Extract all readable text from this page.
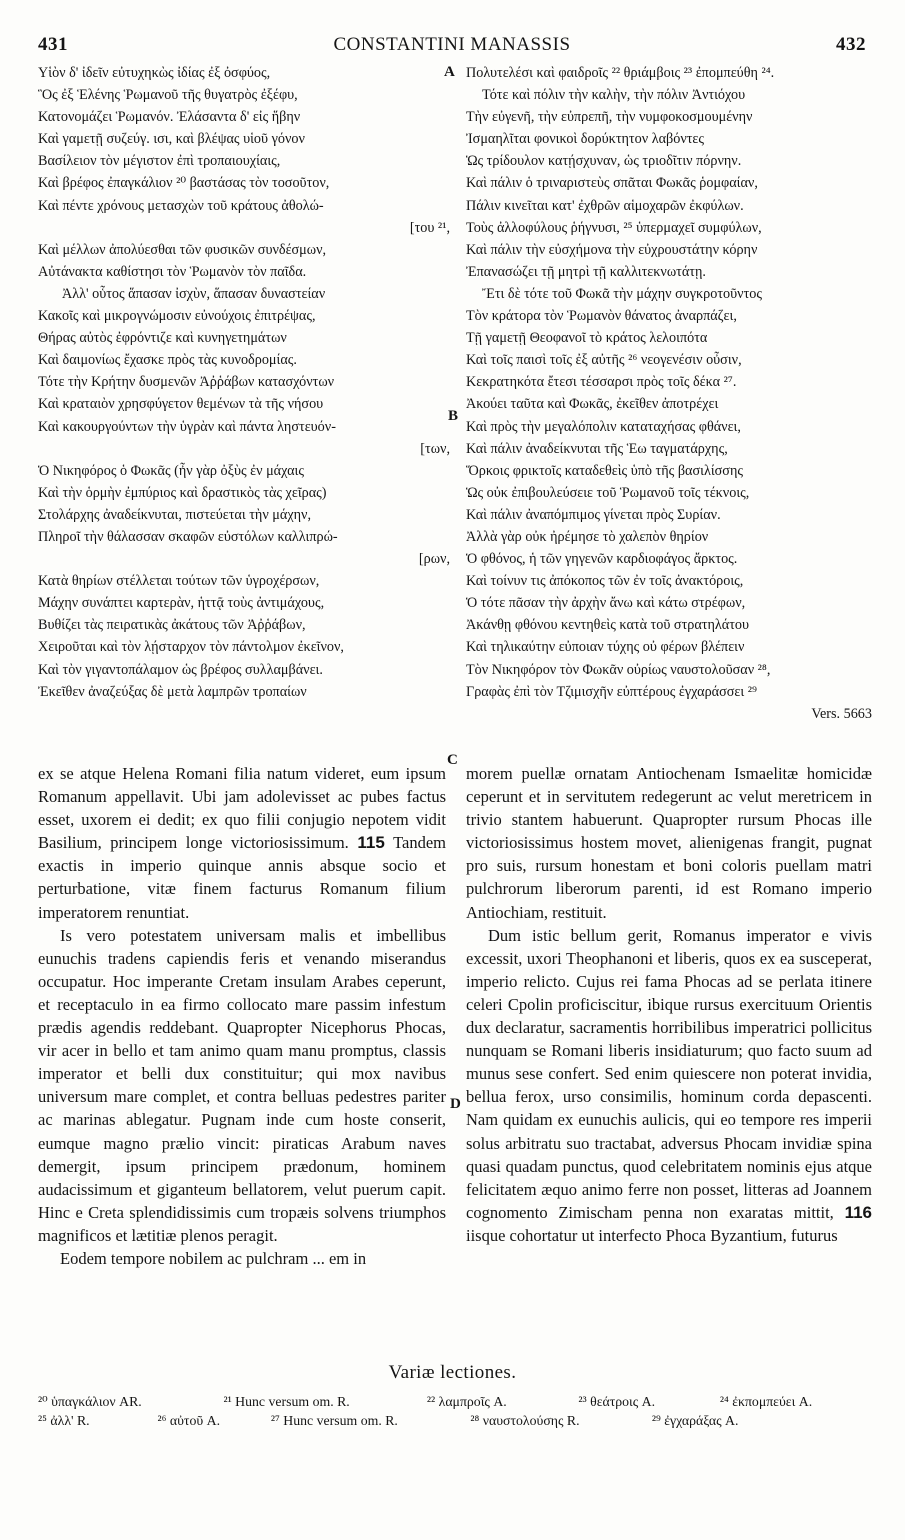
431	CONSTANTINI MANASSIS	432
Υἱὸν δ' ἰδεῖν εὐτυχηκὼς ἰδίας ἐξ ὀσφύος,
Ὃς ἐξ Ἑλένης Ῥωμανοῦ τῆς θυγατρὸς ἐξέφυ,
Κατονομάζει Ῥωμανόν. Ἐλάσαντα δ' εἰς ἥβην
Καὶ γαμετῇ συζεύγ. ισι, καὶ βλέψας υἱοῦ γόνον
Βασίλειον τὸν μέγιστον ἐπὶ τροπαιουχίαις,
Καὶ βρέφος ἐπαγκάλιον ²⁰ βαστάσας τὸν τοσοῦτον,
Καὶ πέντε χρόνους μετασχὼν τοῦ κράτους ἀθολώ-
[του ²¹,
Καὶ μέλλων ἀπολύεσθαι τῶν φυσικῶν συνδέσμων,
Αὐτάνακτα καθίστησι τὸν Ῥωμανὸν τὸν παῖδα.
Ἀλλ' οὗτος ἅπασαν ἰσχὺν, ἅπασαν δυναστείαν
Κακοῖς καὶ μικρογνώμοσιν εὐνούχοις ἐπιτρέψας,
Θήρας αὐτὸς ἐφρόντιζε καὶ κυνηγετημάτων
Καὶ δαιμονίως ἔχασκε πρὸς τὰς κυνοδρομίας.
Τότε τὴν Κρήτην δυσμενῶν Ἀῤῥάβων κατασχόντων
Καὶ κραταιὸν χρησφύγετον θεμένων τὰ τῆς νήσου
Καὶ κακουργούντων τὴν ὑγρὰν καὶ πάντα ληστευόν-
[των,
Ὁ Νικηφόρος ὁ Φωκᾶς (ἦν γὰρ ὀξὺς ἐν μάχαις
Καὶ τὴν ὁρμὴν ἐμπύριος καὶ δραστικὸς τὰς χεῖρας)
Στολάρχης ἀναδείκνυται, πιστεύεται τὴν μάχην,
Πληροῖ τὴν θάλασσαν σκαφῶν εὐστόλων καλλιπρώ-
[ρων,
Κατὰ θηρίων στέλλεται τούτων τῶν ὑγροχέρσων,
Μάχην συνάπτει καρτερὰν, ἡττᾷ τοὺς ἀντιμάχους,
Βυθίζει τὰς πειρατικὰς ἀκάτους τῶν Ἀῤῥάβων,
Χειροῦται καὶ τὸν λῄσταρχον τὸν πάντολμον ἐκεῖνον,
Καὶ τὸν γιγαντοπάλαμον ὡς βρέφος συλλαμβάνει.
Ἐκεῖθεν ἀναζεύξας δὲ μετὰ λαμπρῶν τροπαίων
Πολυτελέσι καὶ φαιδροῖς ²² θριάμβοις ²³ ἐπομπεύθη ²⁴.
Τότε καὶ πόλιν τὴν καλὴν, τὴν πόλιν Ἀντιόχου
Τὴν εὐγενῆ, τὴν εὐπρεπῆ, τὴν νυμφοκοσμουμένην
Ἰσμαηλῖται φονικοὶ δορύκτητον λαβόντες
Ὡς τρίδουλον κατῄσχυναν, ὡς τριοδῖτιν πόρνην.
Καὶ πάλιν ὁ τριναριστεὺς σπᾶται Φωκᾶς ῥομφαίαν,
Πάλιν κινεῖται κατ' ἐχθρῶν αἱμοχαρῶν ἐκφύλων.
Τοὺς ἀλλοφύλους ῥήγνυσι, ²⁵ ὑπερμαχεῖ συμφύλων,
Καὶ πάλιν τὴν εὐσχήμονα τὴν εὐχρουστάτην κόρην
Ἐπανασώζει τῇ μητρὶ τῇ καλλιτεκνωτάτῃ.
Ἔτι δὲ τότε τοῦ Φωκᾶ τὴν μάχην συγκροτοῦντος
Τὸν κράτορα τὸν Ῥωμανὸν θάνατος ἀναρπάζει,
Τῇ γαμετῇ Θεοφανοῖ τὸ κράτος λελοιπότα
Καὶ τοῖς παισὶ τοῖς ἐξ αὐτῆς ²⁶ νεογενέσιν οὖσιν,
Κεκρατηκότα ἔτεσι τέσσαρσι πρὸς τοῖς δέκα ²⁷.
Ἀκούει ταῦτα καὶ Φωκᾶς, ἐκεῖθεν ἀποτρέχει
Καὶ πρὸς τὴν μεγαλόπολιν καταταχήσας φθάνει,
Καὶ πάλιν ἀναδείκνυται τῆς Ἑω ταγματάρχης,
Ὅρκοις φρικτοῖς καταδεθεὶς ὑπὸ τῆς βασιλίσσης
Ὡς οὐκ ἐπιβουλεύσειε τοῦ Ῥωμανοῦ τοῖς τέκνοις,
Καὶ πάλιν ἀναπόμπιμος γίνεται πρὸς Συρίαν.
Ἀλλὰ γὰρ οὐκ ἠρέμησε τὸ χαλεπὸν θηρίον
Ὁ φθόνος, ἡ τῶν γηγενῶν καρδιοφάγος ἄρκτος.
Καὶ τοίνυν τις ἀπόκοπος τῶν ἐν τοῖς ἀνακτόροις,
Ὁ τότε πᾶσαν τὴν ἀρχὴν ἄνω καὶ κάτω στρέφων,
Ἀκάνθῃ φθόνου κεντηθεὶς κατὰ τοῦ στρατηλάτου
Καὶ τηλικαύτην εὐποιαν τύχης οὐ φέρων βλέπειν
Τὸν Νικηφόρον τὸν Φωκᾶν οὐρίως ναυστολοῦσαν ²⁸,
Γραφὰς ἐπὶ τὸν Τζιμισχῆν εὐπτέρους ἐγχαράσσει ²⁹
Vers. 5663
A
B
C
D

ex se atque Helena Romani filia natum videret, eum ipsum Romanum appellavit. Ubi jam adolevisset ac pubes factus esset, uxorem ei dedit; ex quo filii conjugio nepotem vidit Basilium, principem longe victoriosissimum. 115 Tandem exactis in imperio quinque annis absque socio et perturbatione, vitæ finem facturus Romanum filium imperatorem renuntiat.

Is vero potestatem universam malis et imbellibus eunuchis tradens capiendis feris et venando miserandus occupatur. Hoc imperante Cretam insulam Arabes ceperunt, et receptaculo in ea firmo collocato mare passim infestum prædis agendis reddebant. Quapropter Nicephorus Phocas, vir acer in bello et tam animo quam manu promptus, classis imperator et belli dux constituitur; qui mox navibus universum mare complet, et contra belluas pedestres pariter ac marinas ablegatur. Pugnam inde cum hoste conserit, eumque magno prælio vincit: piraticas Arabum naves demergit, ipsum principem prædonum, hominem audacissimum et giganteum bellatorem, velut puerum capit. Hinc e Creta splendidissimis cum tropæis solvens triumphos magnificos et lætitiæ plenos peragit.

Eodem tempore nobilem ac pulchram ... em in

morem puellæ ornatam Antiochenam Ismaelitæ homicidæ ceperunt et in servitutem redegerunt ac velut meretricem in trivio stantem habuerunt. Quapropter rursum Phocas ille victoriosissimus hostem movet, alienigenas frangit, pugnat pro suis, rursum honestam et boni coloris puellam matri pulchrorum liberorum parenti, id est Romano imperio Antiochiam, restituit.

Dum istic bellum gerit, Romanus imperator e vivis excessit, uxori Theophanoni et liberis, quos ex ea susceperat, imperio relicto. Cujus rei fama Phocas ad se perlata itinere celeri Cpolin proficiscitur, ibique rursus exercituum Orientis dux declaratur, sacramentis horribilibus imperatrici pollicitus nunquam se Romani liberis insidiaturum; quo facto suum ad munus sese confert. Sed enim quiescere non poterat invidia, bellua ferox, urso consimilis, hominum corda depascenti. Nam quidam ex eunuchis aulicis, qui eo tempore res imperii solus arbitratu suo tractabat, adversus Phocam invidiæ spina quasi quadam punctus, quod celebritatem nominis ejus atque felicitatem æquo animo ferre non posset, litteras ad Joannem cognomento Zimischam penna non exaratas mittit, 116 iisque cohortatur ut interfecto Phoca Byzantium, futurus

Variæ lectiones.
²⁰ ὑπαγκάλιον AR.	²¹ Hunc versum om. R.	²² λαμπροῖς A.	²³ θεάτροις A.	²⁴ ἐκπομπεύει A.
²⁵ ἀλλ' R.	²⁶ αὐτοῦ A.	²⁷ Hunc versum om. R.	²⁸ ναυστολούσης R.	²⁹ ἐγχαράξας A.
